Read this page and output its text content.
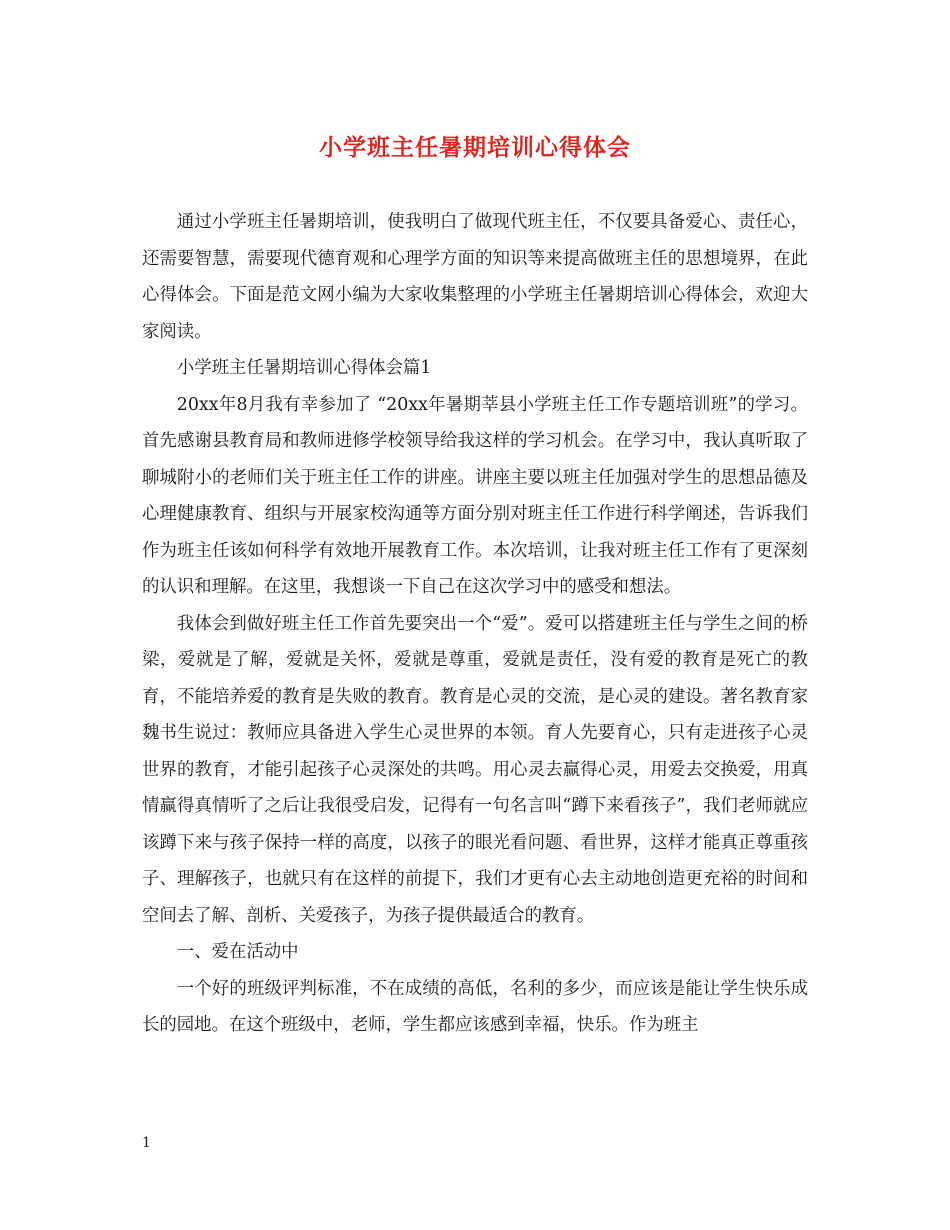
小学班主任暑期培训心得体会

通过小学班主任暑期培训，使我明白了做现代班主任，不仅要具备爱心、责任心，还需要智慧，需要现代德育观和心理学方面的知识等来提高做班主任的思想境界，在此心得体会。下面是范文网小编为大家收集整理的小学班主任暑期培训心得体会，欢迎大家阅读。

小学班主任暑期培训心得体会篇1

20xx年8月我有幸参加了 “20xx年暑期莘县小学班主任工作专题培训班”的学习。首先感谢县教育局和教师进修学校领导给我这样的学习机会。在学习中，我认真听取了聊城附小的老师们关于班主任工作的讲座。讲座主要以班主任加强对学生的思想品德及心理健康教育、组织与开展家校沟通等方面分别对班主任工作进行科学阐述，告诉我们作为班主任该如何科学有效地开展教育工作。本次培训，让我对班主任工作有了更深刻的认识和理解。在这里，我想谈一下自己在这次学习中的感受和想法。

我体会到做好班主任工作首先要突出一个“爱”。爱可以搭建班主任与学生之间的桥梁，爱就是了解，爱就是关怀，爱就是尊重，爱就是责任，没有爱的教育是死亡的教育，不能培养爱的教育是失败的教育。教育是心灵的交流，是心灵的建设。著名教育家魏书生说过：教师应具备进入学生心灵世界的本领。育人先要育心，只有走进孩子心灵世界的教育，才能引起孩子心灵深处的共鸣。用心灵去赢得心灵，用爱去交换爱，用真情赢得真情听了之后让我很受启发，记得有一句名言叫“蹲下来看孩子”，我们老师就应该蹲下来与孩子保持一样的高度，以孩子的眼光看问题、看世界，这样才能真正尊重孩子、理解孩子，也就只有在这样的前提下，我们才更有心去主动地创造更充裕的时间和空间去了解、剖析、关爱孩子，为孩子提供最适合的教育。

一、爱在活动中

一个好的班级评判标准，不在成绩的高低，名利的多少，而应该是能让学生快乐成长的园地。在这个班级中，老师，学生都应该感到幸福，快乐。作为班主

1
